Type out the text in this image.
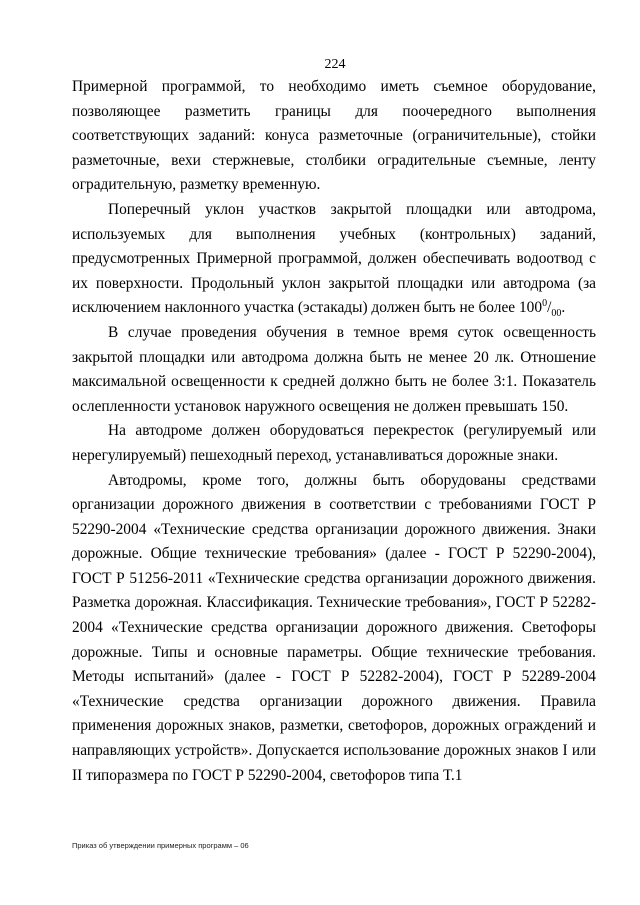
224

Примерной программой, то необходимо иметь съемное оборудование, позволяющее разметить границы для поочередного выполнения соответствующих заданий: конуса разметочные (ограничительные), стойки разметочные, вехи стержневые, столбики оградительные съемные, ленту оградительную, разметку временную.

Поперечный уклон участков закрытой площадки или автодрома, используемых для выполнения учебных (контрольных) заданий, предусмотренных Примерной программой, должен обеспечивать водоотвод с их поверхности. Продольный уклон закрытой площадки или автодрома (за исключением наклонного участка (эстакады) должен быть не более $100^0/_{00}$.

В случае проведения обучения в темное время суток освещенность закрытой площадки или автодрома должна быть не менее 20 лк. Отношение максимальной освещенности к средней должно быть не более 3:1. Показатель ослепленности установок наружного освещения не должен превышать 150.

На автодроме должен оборудоваться перекресток (регулируемый или нерегулируемый) пешеходный переход, устанавливаться дорожные знаки.

Автодромы, кроме того, должны быть оборудованы средствами организации дорожного движения в соответствии с требованиями ГОСТ Р 52290-2004 «Технические средства организации дорожного движения. Знаки дорожные. Общие технические требования» (далее - ГОСТ Р 52290-2004), ГОСТ Р 51256-2011 «Технические средства организации дорожного движения. Разметка дорожная. Классификация. Технические требования», ГОСТ Р 52282-2004 «Технические средства организации дорожного движения. Светофоры дорожные. Типы и основные параметры. Общие технические требования. Методы испытаний» (далее - ГОСТ Р 52282-2004), ГОСТ Р 52289-2004 «Технические средства организации дорожного движения. Правила применения дорожных знаков, разметки, светофоров, дорожных ограждений и направляющих устройств». Допускается использование дорожных знаков I или II типоразмера по ГОСТ Р 52290-2004, светофоров типа Т.1

Приказ об утверждении примерных программ – 06
